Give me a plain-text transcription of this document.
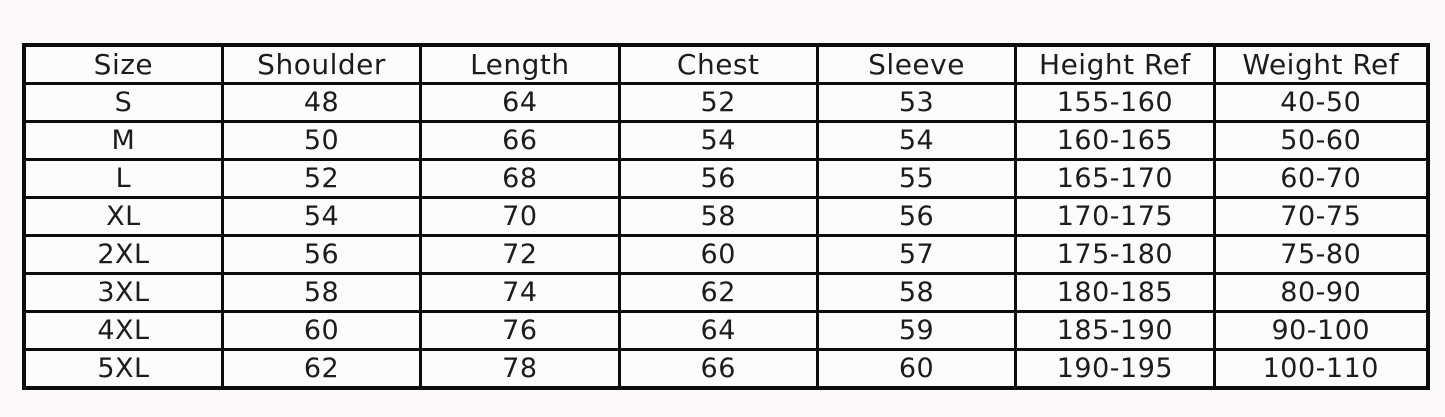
Size	Shoulder	Length	Chest	Sleeve	Height Ref	Weight Ref
S	48	64	52	53	155-160	40-50
M	50	66	54	54	160-165	50-60
L	52	68	56	55	165-170	60-70
XL	54	70	58	56	170-175	70-75
2XL	56	72	60	57	175-180	75-80
3XL	58	74	62	58	180-185	80-90
4XL	60	76	64	59	185-190	90-100
5XL	62	78	66	60	190-195	100-110
